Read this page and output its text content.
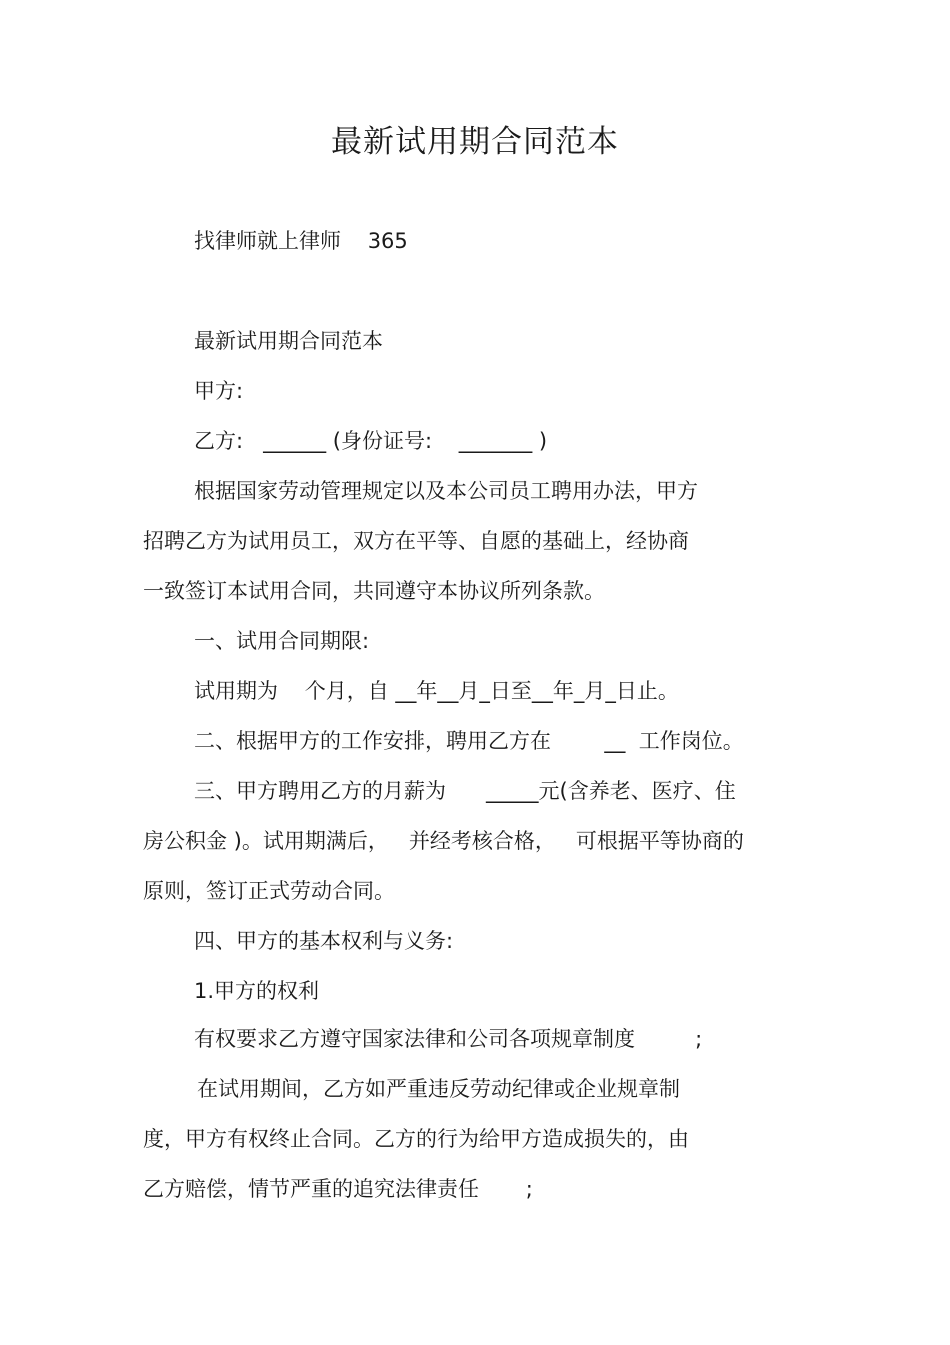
最新试用期合同范本
找律师就上律师    365
最新试用期合同范本
甲方:
乙方:   ______ (身份证号:    _______ )
根据国家劳动管理规定以及本公司员工聘用办法，甲方
招聘乙方为试用员工，双方在平等、自愿的基础上，经协商
一致签订本试用合同，共同遵守本协议所列条款。
一、试用合同期限:
试用期为    个月，自 __年__月_日至__年_月_日止。
二、根据甲方的工作安排，聘用乙方在        __  工作岗位。
三、甲方聘用乙方的月薪为      _____元(含养老、医疗、住
房公积金 )。试用期满后，   并经考核合格，   可根据平等协商的
原则，签订正式劳动合同。
四、甲方的基本权利与义务:
1.甲方的权利
有权要求乙方遵守国家法律和公司各项规章制度         ;
在试用期间，乙方如严重违反劳动纪律或企业规章制
度，甲方有权终止合同。乙方的行为给甲方造成损失的，由
乙方赔偿，情节严重的追究法律责任       ;
